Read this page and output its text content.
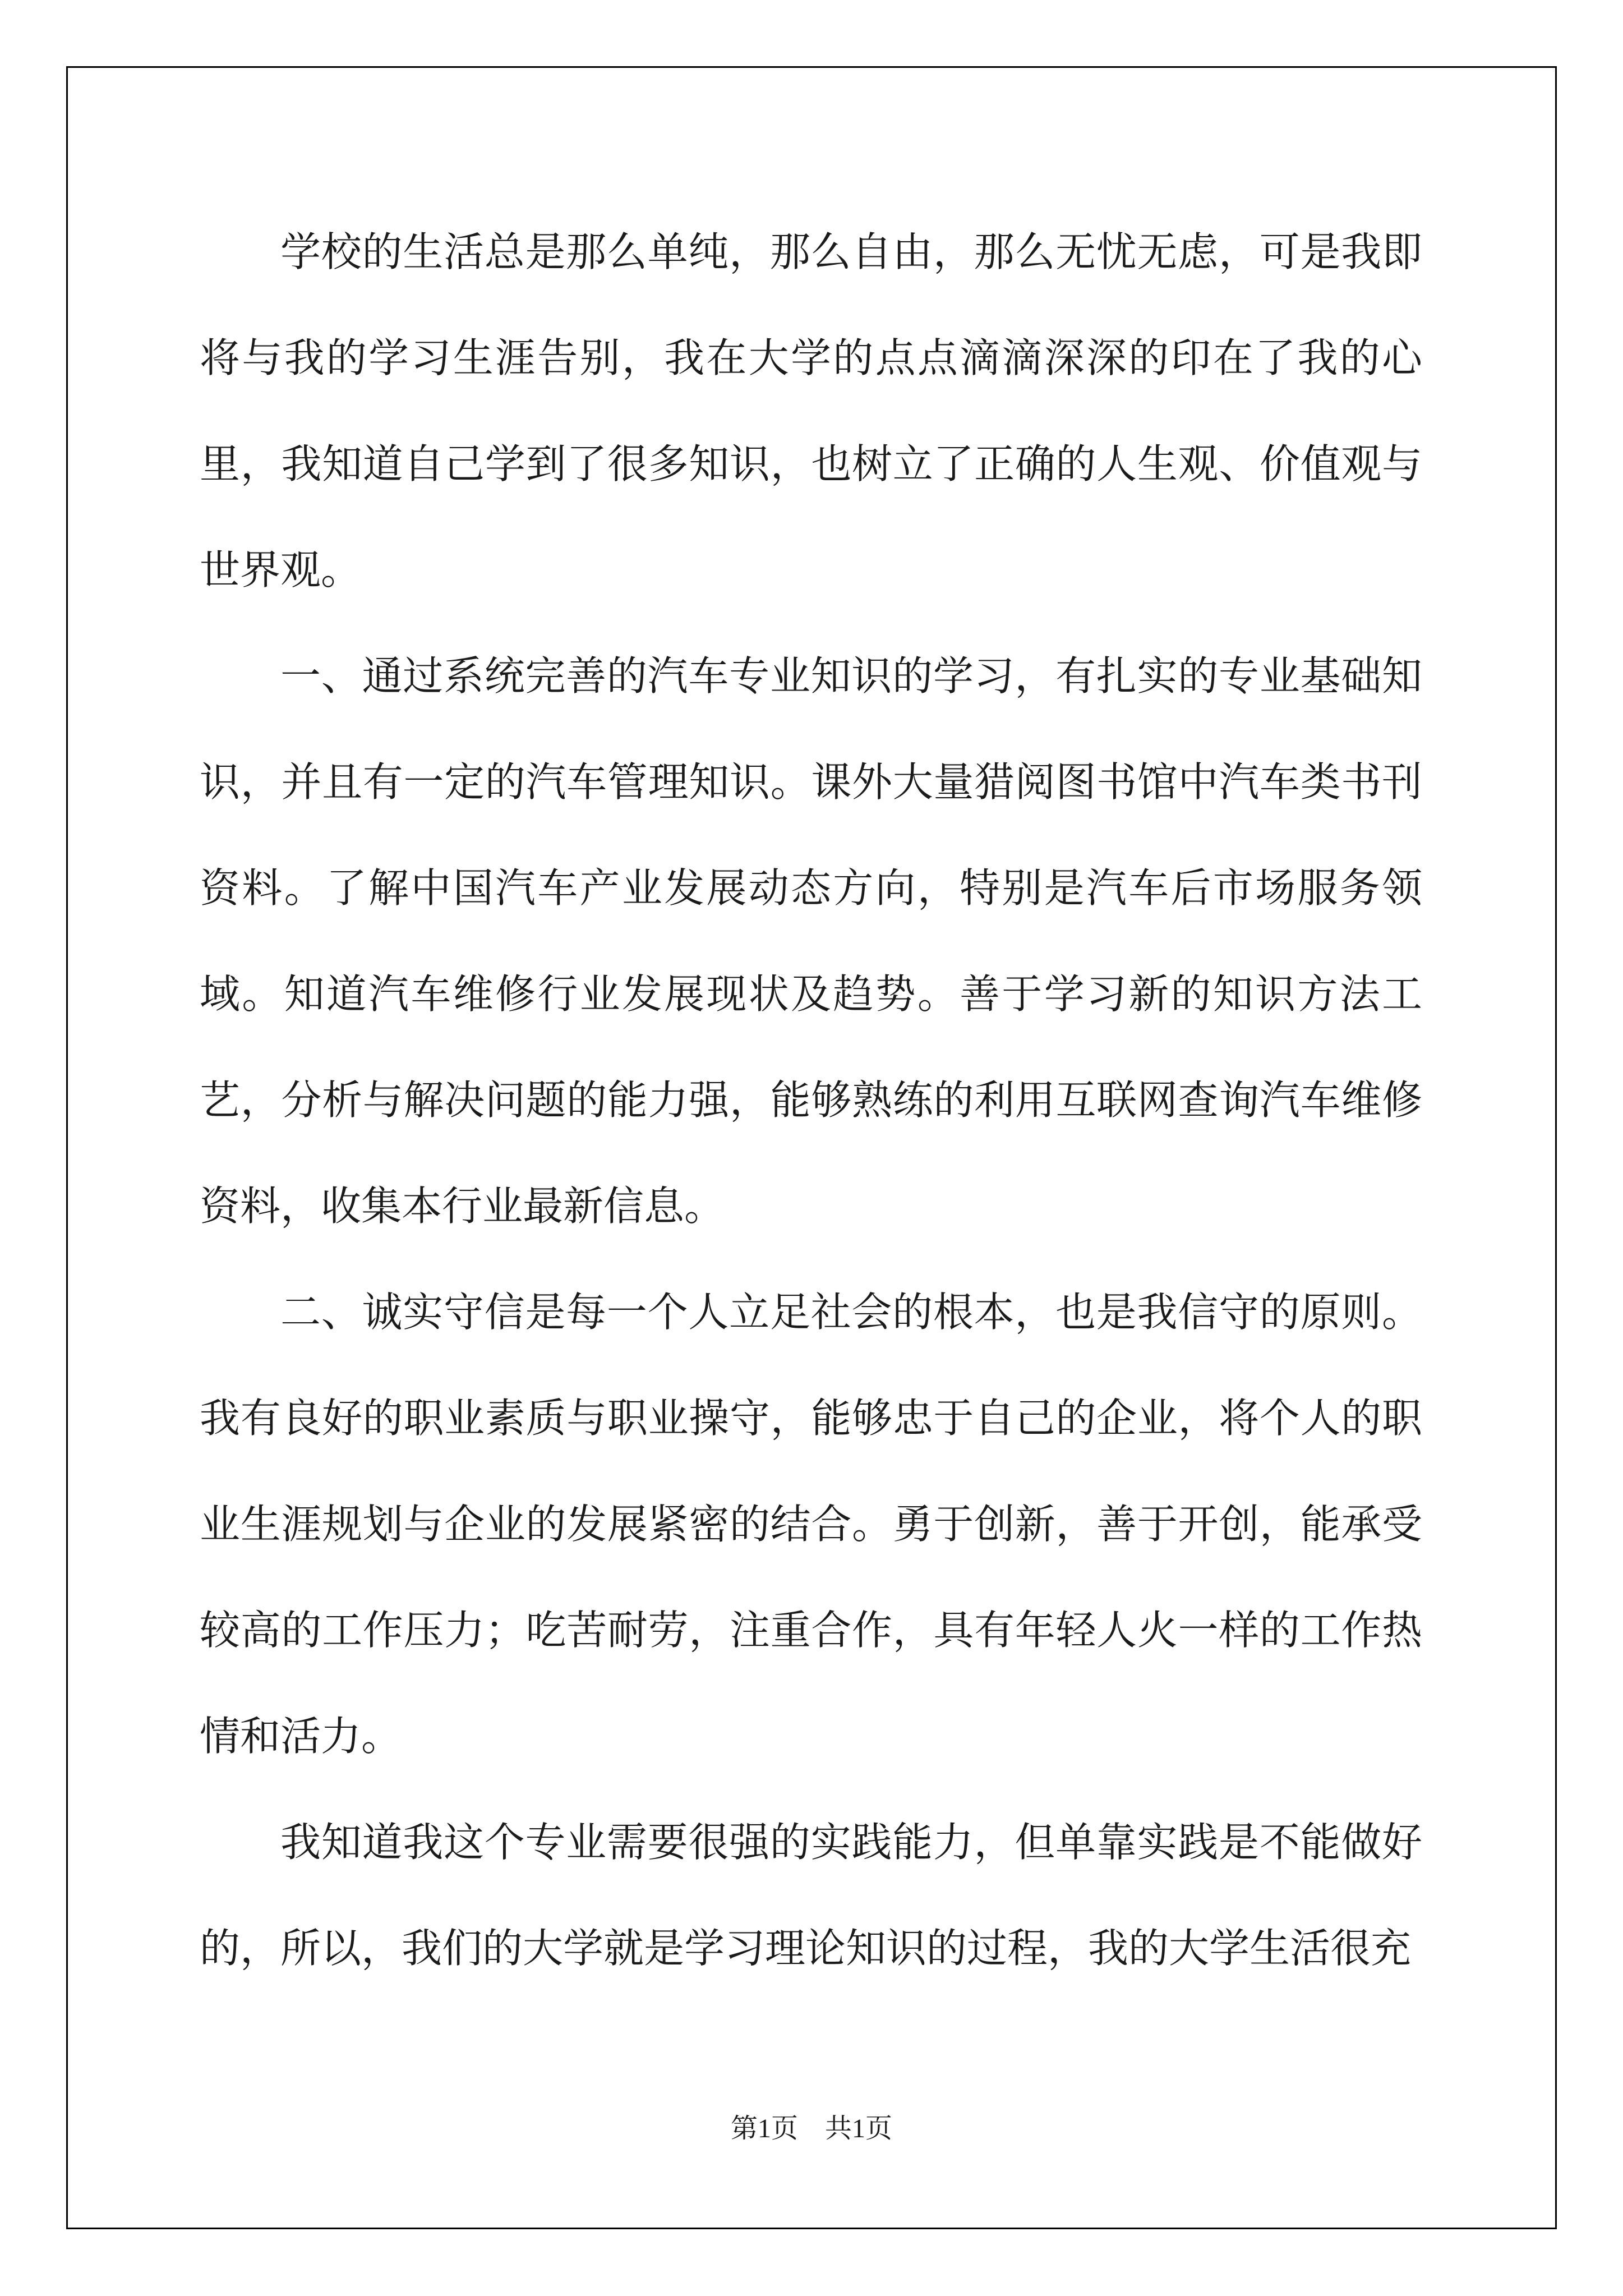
学校的生活总是那么单纯，那么自由，那么无忧无虑，可是我即将与我的学习生涯告别，我在大学的点点滴滴深深的印在了我的心里，我知道自己学到了很多知识，也树立了正确的人生观、价值观与世界观。

一、通过系统完善的汽车专业知识的学习，有扎实的专业基础知识，并且有一定的汽车管理知识。课外大量猎阅图书馆中汽车类书刊资料。了解中国汽车产业发展动态方向，特别是汽车后市场服务领域。知道汽车维修行业发展现状及趋势。善于学习新的知识方法工艺，分析与解决问题的能力强，能够熟练的利用互联网查询汽车维修资料，收集本行业最新信息。

二、诚实守信是每一个人立足社会的根本，也是我信守的原则。我有良好的职业素质与职业操守，能够忠于自己的企业，将个人的职业生涯规划与企业的发展紧密的结合。勇于创新，善于开创，能承受较高的工作压力；吃苦耐劳，注重合作，具有年轻人火一样的工作热情和活力。

我知道我这个专业需要很强的实践能力，但单靠实践是不能做好的，所以，我们的大学就是学习理论知识的过程，我的大学生活很充

第1页　共1页
